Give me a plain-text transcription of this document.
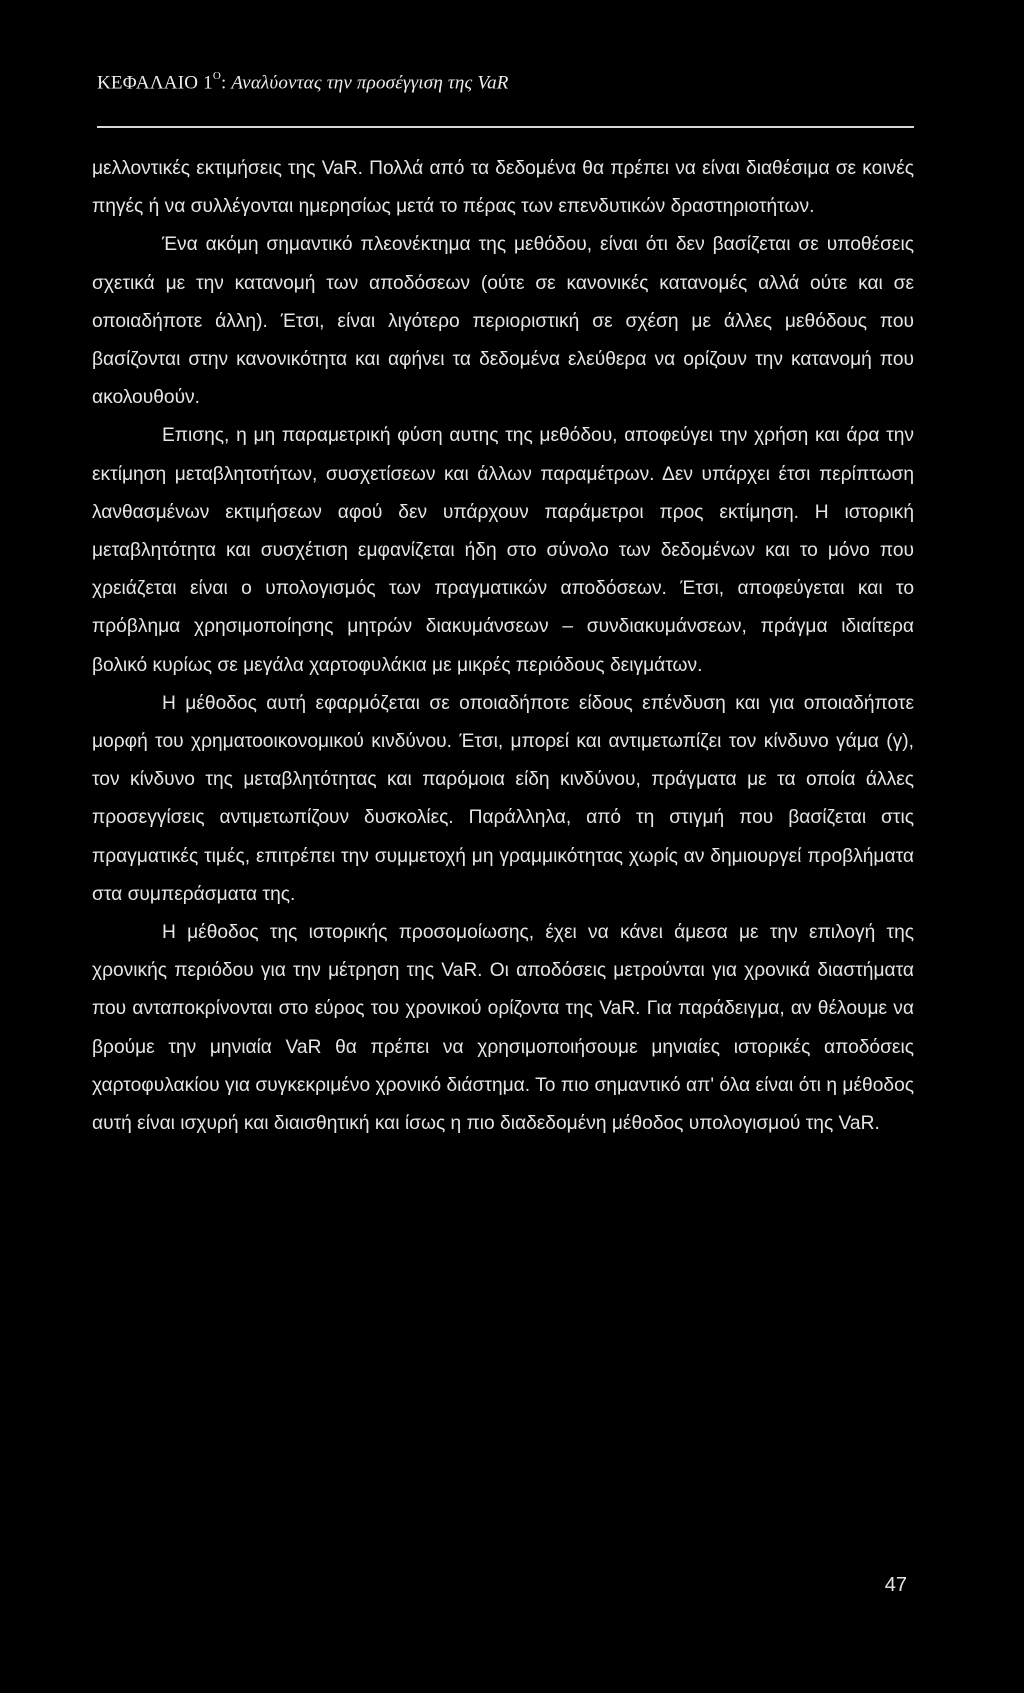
ΚΕΦΑΛΑΙΟ $1^O$: Αναλύοντας την προσέγγιση της VaR

μελλοντικές εκτιμήσεις της VaR. Πολλά από τα δεδομένα θα πρέπει να είναι διαθέσιμα σε κοινές πηγές ή να συλλέγονται ημερησίως μετά το πέρας των επενδυτικών δραστηριοτήτων.

Ένα ακόμη σημαντικό πλεονέκτημα της μεθόδου, είναι ότι δεν βασίζεται σε υποθέσεις σχετικά με την κατανομή των αποδόσεων (ούτε σε κανονικές κατανομές αλλά ούτε και σε οποιαδήποτε άλλη). Έτσι, είναι λιγότερο περιοριστική σε σχέση με άλλες μεθόδους που βασίζονται στην κανονικότητα και αφήνει τα δεδομένα ελεύθερα να ορίζουν την κατανομή που ακολουθούν.

Επισης, η μη παραμετρική φύση αυτης της μεθόδου, αποφεύγει την χρήση και άρα την εκτίμηση μεταβλητοτήτων, συσχετίσεων και άλλων παραμέτρων. Δεν υπάρχει έτσι περίπτωση λανθασμένων εκτιμήσεων αφού δεν υπάρχουν παράμετροι προς εκτίμηση. Η ιστορική μεταβλητότητα και συσχέτιση εμφανίζεται ήδη στο σύνολο των δεδομένων και το μόνο που χρειάζεται είναι ο υπολογισμός των πραγματικών αποδόσεων. Έτσι, αποφεύγεται και το πρόβλημα χρησιμοποίησης μητρών διακυμάνσεων – συνδιακυμάνσεων, πράγμα ιδιαίτερα βολικό κυρίως σε μεγάλα χαρτοφυλάκια με μικρές περιόδους δειγμάτων.

Η μέθοδος αυτή εφαρμόζεται σε οποιαδήποτε είδους επένδυση και για οποιαδήποτε μορφή του χρηματοοικονομικού κινδύνου. Έτσι, μπορεί και αντιμετωπίζει τον κίνδυνο γάμα (γ), τον κίνδυνο της μεταβλητότητας και παρόμοια είδη κινδύνου, πράγματα με τα οποία άλλες προσεγγίσεις αντιμετωπίζουν δυσκολίες. Παράλληλα, από τη στιγμή που βασίζεται στις πραγματικές τιμές, επιτρέπει την συμμετοχή μη γραμμικότητας χωρίς αν δημιουργεί προβλήματα στα συμπεράσματα της.

Η μέθοδος της ιστορικής προσομοίωσης, έχει να κάνει άμεσα με την επιλογή της χρονικής περιόδου για την μέτρηση της VaR. Οι αποδόσεις μετρούνται για χρονικά διαστήματα που ανταποκρίνονται στο εύρος του χρονικού ορίζοντα της VaR. Για παράδειγμα, αν θέλουμε να βρούμε την μηνιαία VaR θα πρέπει να χρησιμοποιήσουμε μηνιαίες ιστορικές αποδόσεις χαρτοφυλακίου για συγκεκριμένο χρονικό διάστημα. Το πιο σημαντικό απ' όλα είναι ότι η μέθοδος αυτή είναι ισχυρή και διαισθητική και ίσως η πιο διαδεδομένη μέθοδος υπολογισμού της VaR.

47
